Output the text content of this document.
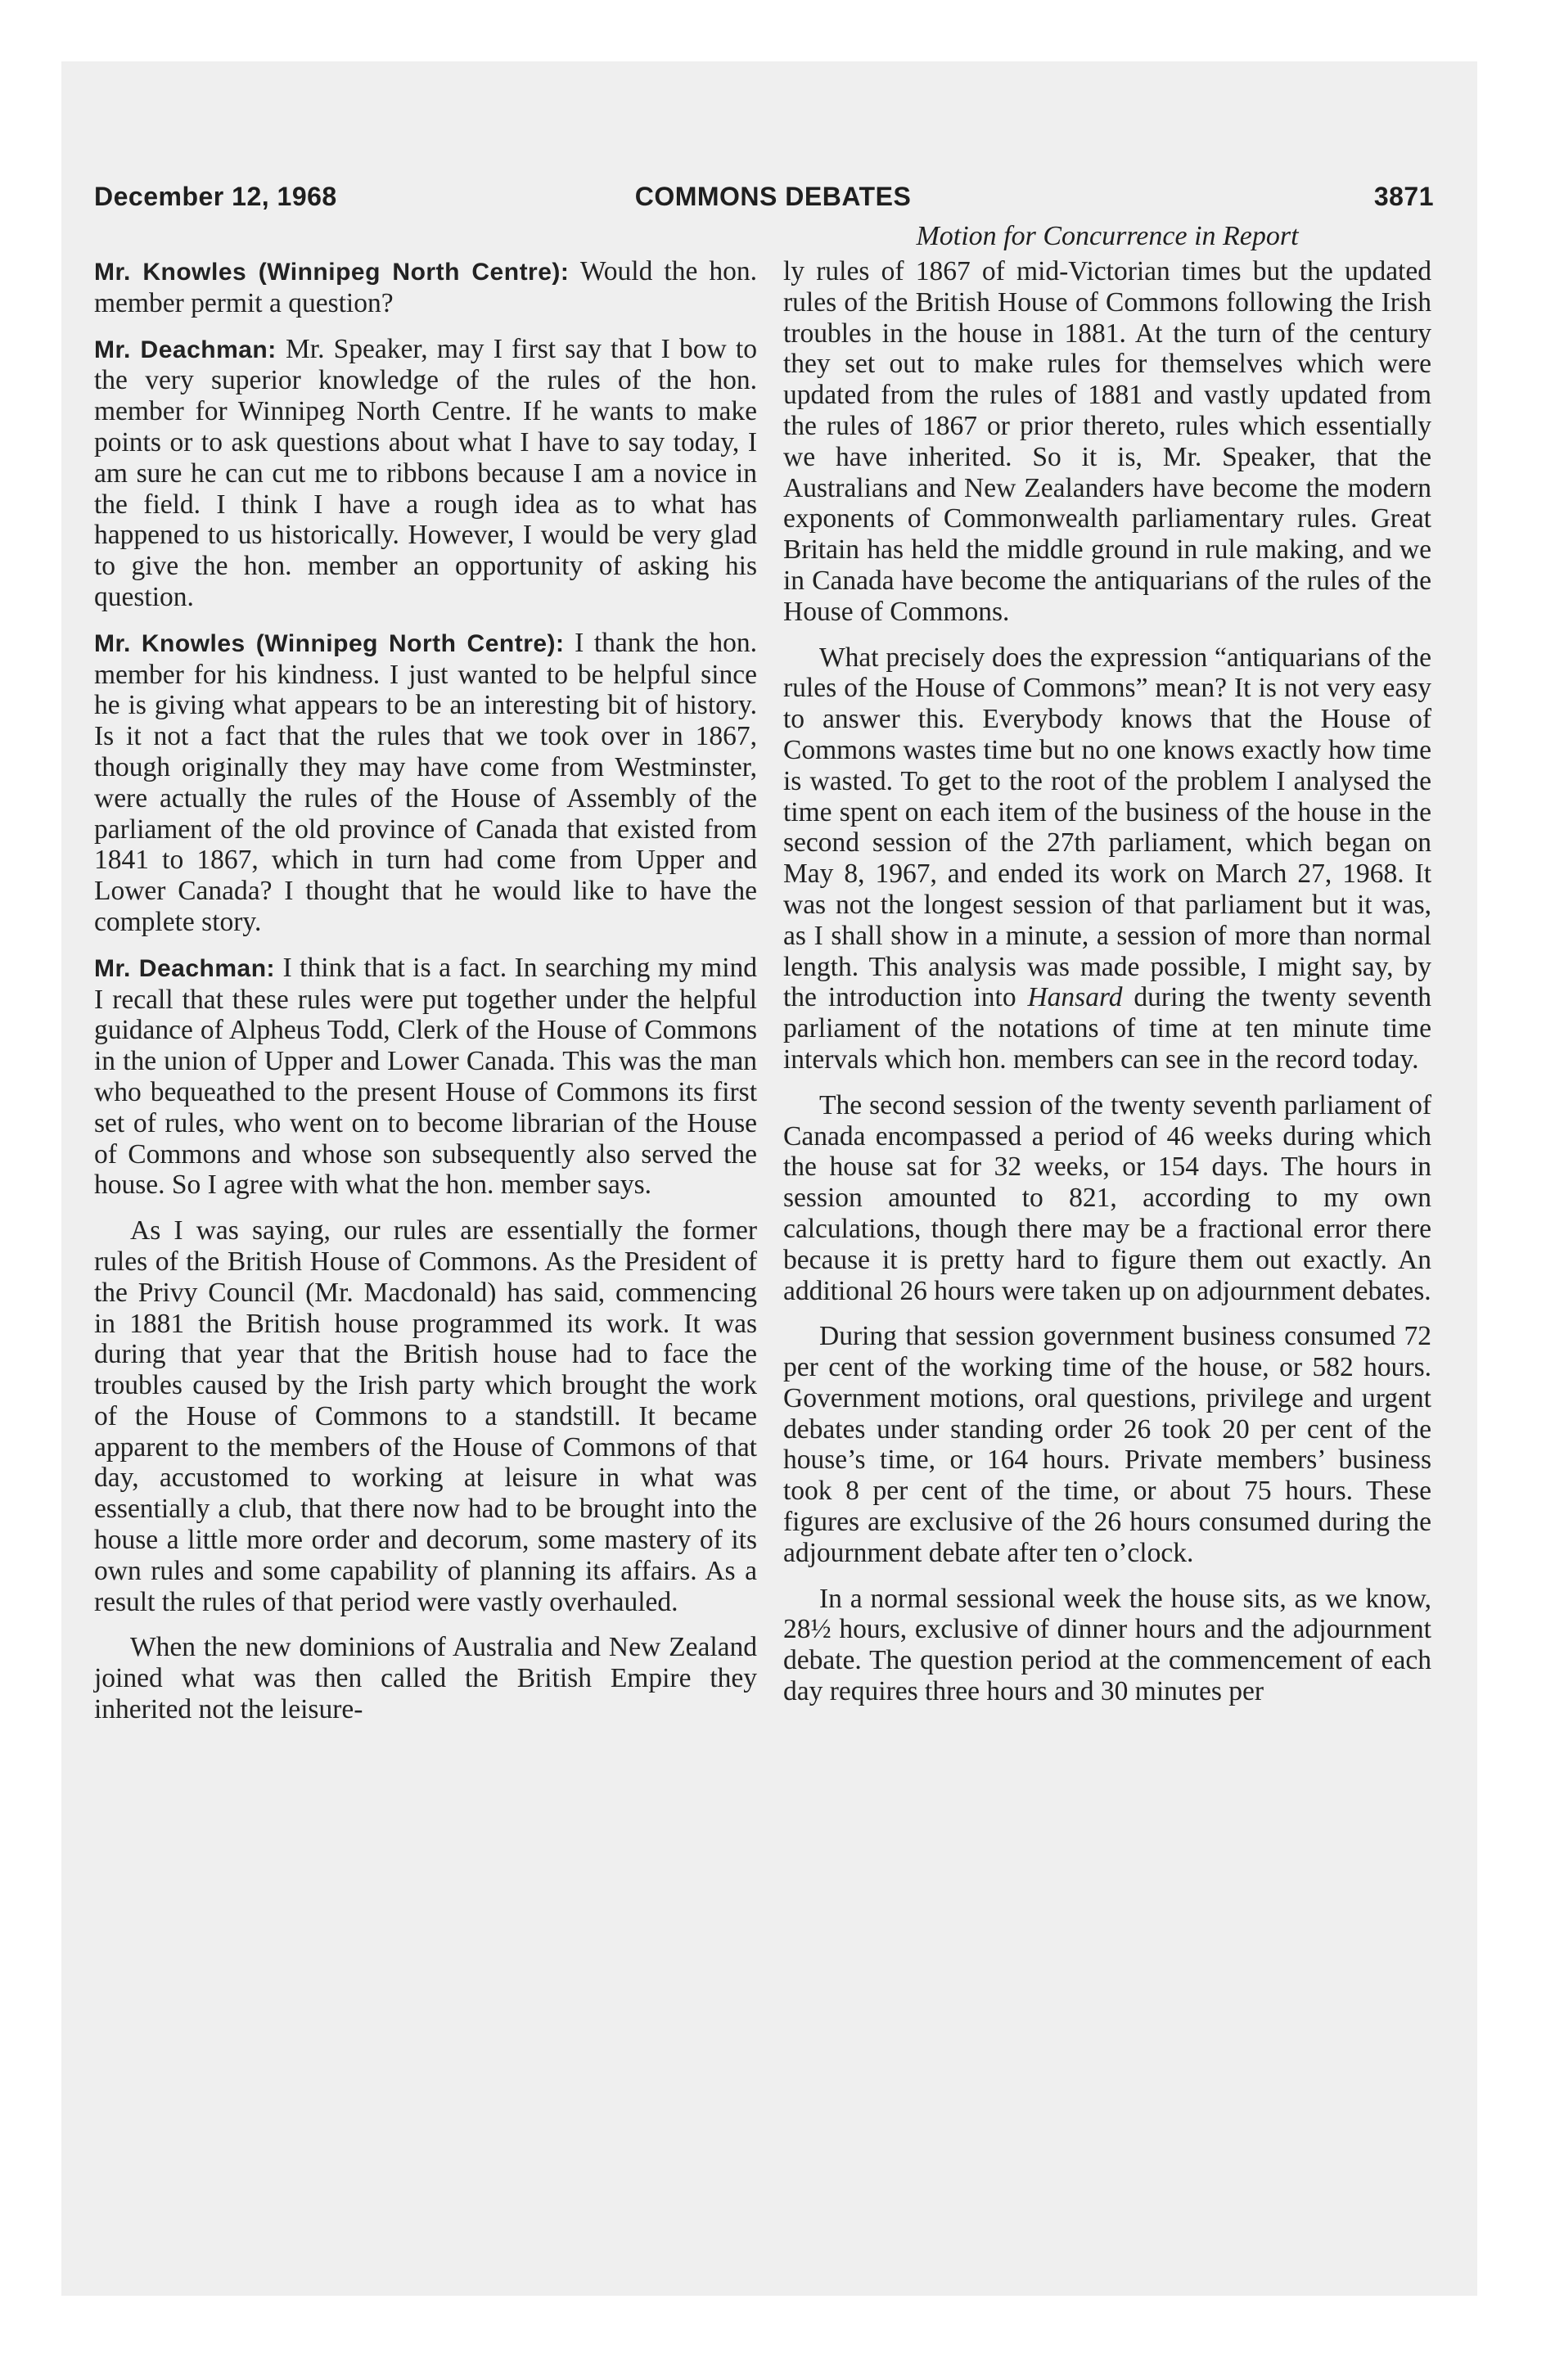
December 12, 1968	COMMONS DEBATES	3871
Motion for Concurrence in Report

Mr. Knowles (Winnipeg North Centre): Would the hon. member permit a question?

Mr. Deachman: Mr. Speaker, may I first say that I bow to the very superior knowledge of the rules of the hon. member for Winnipeg North Centre. If he wants to make points or to ask questions about what I have to say today, I am sure he can cut me to ribbons because I am a novice in the field. I think I have a rough idea as to what has happened to us historically. However, I would be very glad to give the hon. member an opportunity of asking his question.

Mr. Knowles (Winnipeg North Centre): I thank the hon. member for his kindness. I just wanted to be helpful since he is giving what appears to be an interesting bit of history. Is it not a fact that the rules that we took over in 1867, though originally they may have come from Westminster, were actually the rules of the House of Assembly of the parliament of the old province of Canada that existed from 1841 to 1867, which in turn had come from Upper and Lower Canada? I thought that he would like to have the complete story.

Mr. Deachman: I think that is a fact. In searching my mind I recall that these rules were put together under the helpful guidance of Alpheus Todd, Clerk of the House of Commons in the union of Upper and Lower Canada. This was the man who bequeathed to the present House of Commons its first set of rules, who went on to become librarian of the House of Commons and whose son subsequently also served the house. So I agree with what the hon. member says.

As I was saying, our rules are essentially the former rules of the British House of Commons. As the President of the Privy Council (Mr. Macdonald) has said, commencing in 1881 the British house programmed its work. It was during that year that the British house had to face the troubles caused by the Irish party which brought the work of the House of Commons to a standstill. It became apparent to the members of the House of Commons of that day, accustomed to working at leisure in what was essentially a club, that there now had to be brought into the house a little more order and decorum, some mastery of its own rules and some capability of planning its affairs. As a result the rules of that period were vastly overhauled.

When the new dominions of Australia and New Zealand joined what was then called the British Empire they inherited not the leisure-

ly rules of 1867 of mid-Victorian times but the updated rules of the British House of Commons following the Irish troubles in the house in 1881. At the turn of the century they set out to make rules for themselves which were updated from the rules of 1881 and vastly updated from the rules of 1867 or prior thereto, rules which essentially we have inherited. So it is, Mr. Speaker, that the Australians and New Zealanders have become the modern exponents of Commonwealth parliamentary rules. Great Britain has held the middle ground in rule making, and we in Canada have become the antiquarians of the rules of the House of Commons.

What precisely does the expression “antiquarians of the rules of the House of Commons” mean? It is not very easy to answer this. Everybody knows that the House of Commons wastes time but no one knows exactly how time is wasted. To get to the root of the problem I analysed the time spent on each item of the business of the house in the second session of the 27th parliament, which began on May 8, 1967, and ended its work on March 27, 1968. It was not the longest session of that parliament but it was, as I shall show in a minute, a session of more than normal length. This analysis was made possible, I might say, by the introduction into Hansard during the twenty seventh parliament of the notations of time at ten minute time intervals which hon. members can see in the record today.

The second session of the twenty seventh parliament of Canada encompassed a period of 46 weeks during which the house sat for 32 weeks, or 154 days. The hours in session amounted to 821, according to my own calculations, though there may be a fractional error there because it is pretty hard to figure them out exactly. An additional 26 hours were taken up on adjournment debates.

During that session government business consumed 72 per cent of the working time of the house, or 582 hours. Government motions, oral questions, privilege and urgent debates under standing order 26 took 20 per cent of the house’s time, or 164 hours. Private members’ business took 8 per cent of the time, or about 75 hours. These figures are exclusive of the 26 hours consumed during the adjournment debate after ten o’clock.

In a normal sessional week the house sits, as we know, 28½ hours, exclusive of dinner hours and the adjournment debate. The question period at the commencement of each day requires three hours and 30 minutes per
